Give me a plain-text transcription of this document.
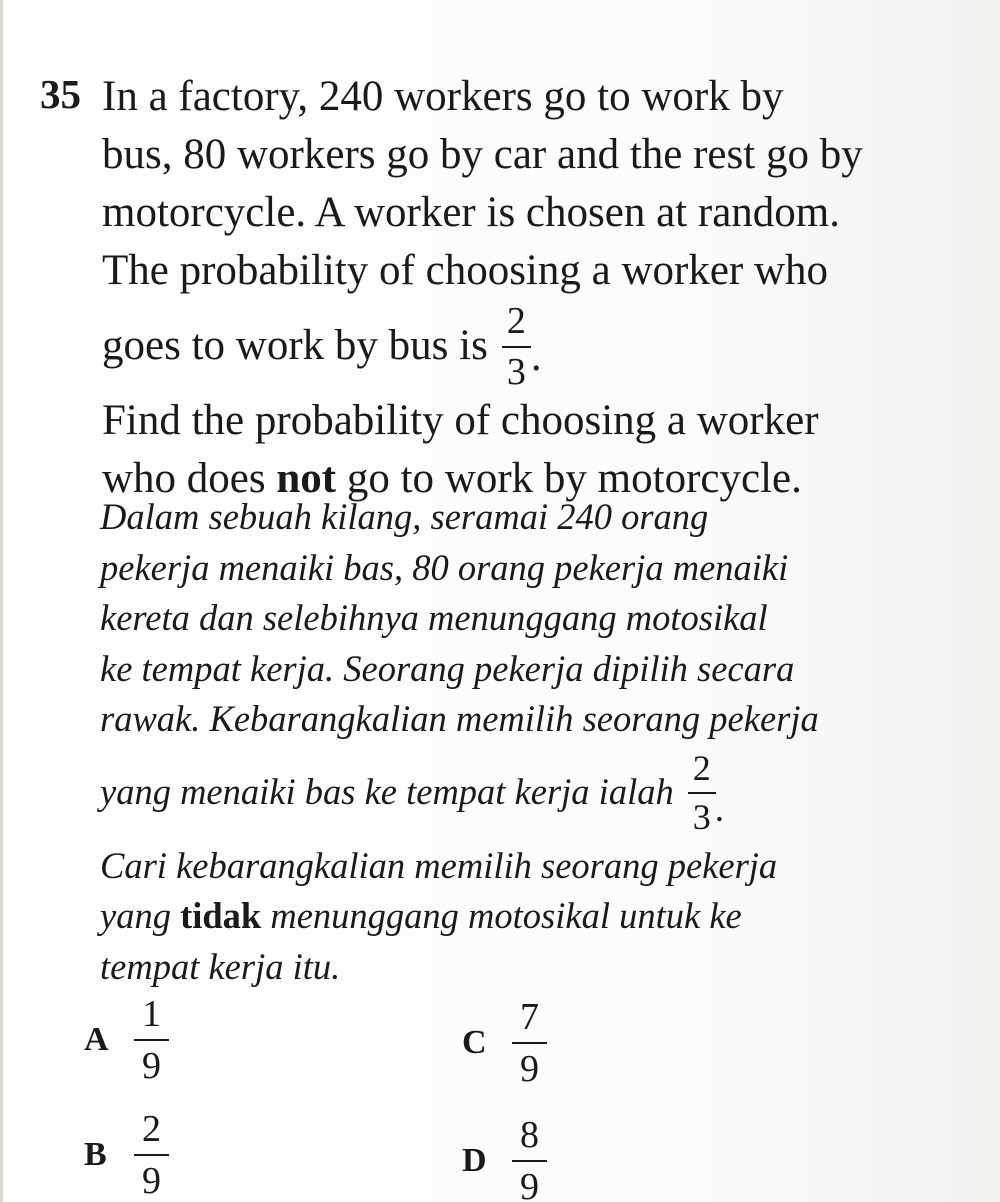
35 In a factory, 240 workers go to work by
bus, 80 workers go by car and the rest go by
motorcycle. A worker is chosen at random.
The probability of choosing a worker who
goes to work by bus is $\frac{2}{3}$ .
Find the probability of choosing a worker
who does not go to work by motorcycle.
Dalam sebuah kilang, seramai 240 orang
pekerja menaiki bas, 80 orang pekerja menaiki
kereta dan selebihnya menunggang motosikal
ke tempat kerja. Seorang pekerja dipilih secara
rawak. Kebarangkalian memilih seorang pekerja
yang menaiki bas ke tempat kerja ialah $\frac{2}{3}$ .
Cari kebarangkalian memilih seorang pekerja
yang tidak menunggang motosikal untuk ke
tempat kerja itu.
A $\frac{1}{9}$
B $\frac{2}{9}$
C $\frac{7}{9}$
D $\frac{8}{9}$
